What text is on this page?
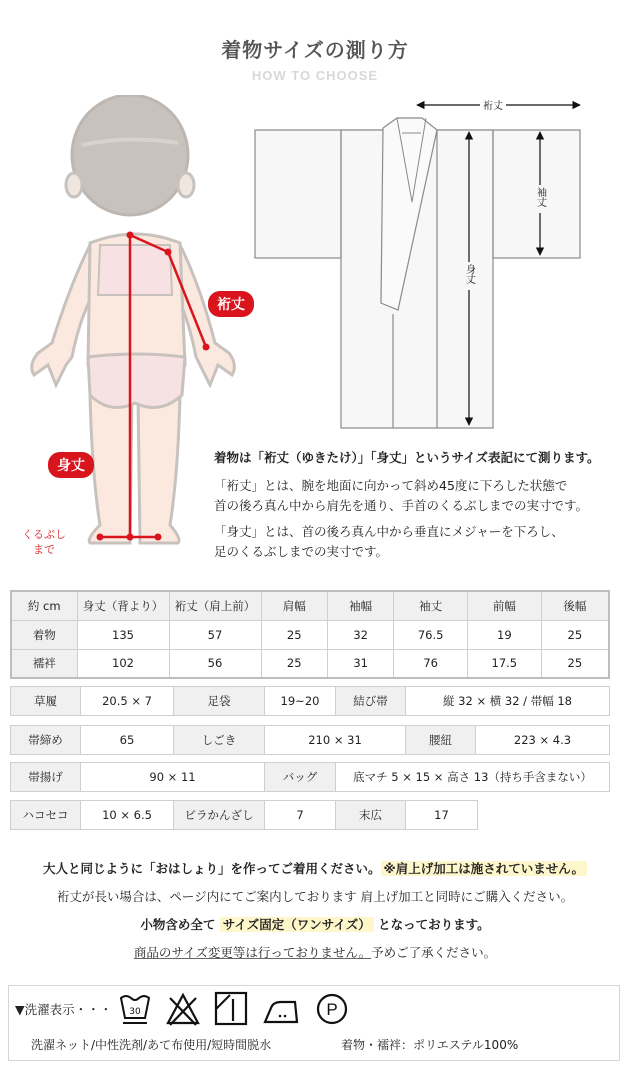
着物サイズの測り方
HOW TO CHOOSE
裄丈
身丈
くるぶし
まで
裄丈
袖丈
身丈
着物は「裄丈（ゆきたけ）」「身丈」というサイズ表記にて測ります。

「裄丈」とは、腕を地面に向かって斜め45度に下ろした状態で
首の後ろ真ん中から肩先を通り、手首のくるぶしまでの実寸です。

「身丈」とは、首の後ろ真ん中から垂直にメジャーを下ろし、
足のくるぶしまでの実寸です。

約 cm	身丈（背より）	裄丈（肩上前）	肩幅	袖幅	袖丈	前幅	後幅
着物	135	57	25	32	76.5	19	25
襦袢	102	56	25	31	76	17.5	25
草履	20.5 × 7	足袋	19~20	結び帯	縦 32 × 横 32 / 帯幅 18
帯締め	65	しごき	210 × 31	腰紐	223 × 4.3
帯揚げ	90 × 11	バッグ	底マチ 5 × 15 × 高さ 13（持ち手含まない）
ハコセコ	10 × 6.5	ビラかんざし	7	末広	17
大人と同じように「おはしょり」を作ってご着用ください。 ※肩上げ加工は施されていません。
裄丈が長い場合は、ページ内にてご案内しております 肩上げ加工と同時にご購入ください。
小物含め全て サイズ固定（ワンサイズ） となっております。
商品のサイズ変更等は行っておりません。予めご了承ください。
▼洗濯表示・・・ 30	P
洗濯ネット/中性洗剤/あて布使用/短時間脱水	着物・襦袢：ポリエステル100%
